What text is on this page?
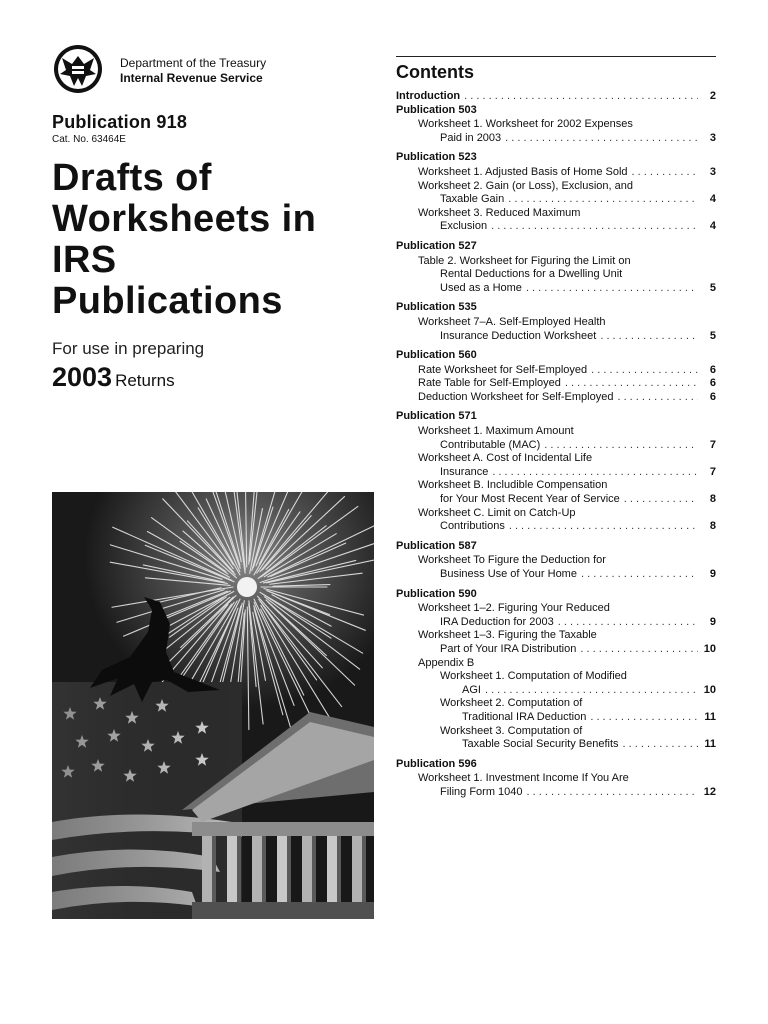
Department of the Treasury
Internal Revenue Service
Publication 918
Cat. No. 63464E
Drafts of
Worksheets in
IRS
Publications
For use in preparing
2003 Returns
Contents
Introduction . . .	2
Publication 503
Worksheet 1. Worksheet for 2002 Expenses
Paid in 2003 . . .	3
Publication 523
Worksheet 1. Adjusted Basis of Home Sold . . .	3
Worksheet 2. Gain (or Loss), Exclusion, and
Taxable Gain . . .	4
Worksheet 3. Reduced Maximum
Exclusion . . .	4
Publication 527
Table 2. Worksheet for Figuring the Limit on
Rental Deductions for a Dwelling Unit
Used as a Home . . .	5
Publication 535
Worksheet 7–A. Self-Employed Health
Insurance Deduction Worksheet . . .	5
Publication 560
Rate Worksheet for Self-Employed . . .	6
Rate Table for Self-Employed . . .	6
Deduction Worksheet for Self-Employed . . .	6
Publication 571
Worksheet 1. Maximum Amount
Contributable (MAC) . . .	7
Worksheet A. Cost of Incidental Life
Insurance . . .	7
Worksheet B. Includible Compensation
for Your Most Recent Year of Service . . .	8
Worksheet C. Limit on Catch-Up
Contributions . . .	8
Publication 587
Worksheet To Figure the Deduction for
Business Use of Your Home . . .	9
Publication 590
Worksheet 1–2. Figuring Your Reduced
IRA Deduction for 2003 . . .	9
Worksheet 1–3. Figuring the Taxable
Part of Your IRA Distribution . . .	10
Appendix B
Worksheet 1. Computation of Modified
AGI . . .	10
Worksheet 2. Computation of
Traditional IRA Deduction . . .	11
Worksheet 3. Computation of
Taxable Social Security Benefits . . .	11
Publication 596
Worksheet 1. Investment Income If You Are
Filing Form 1040 . . .	12
